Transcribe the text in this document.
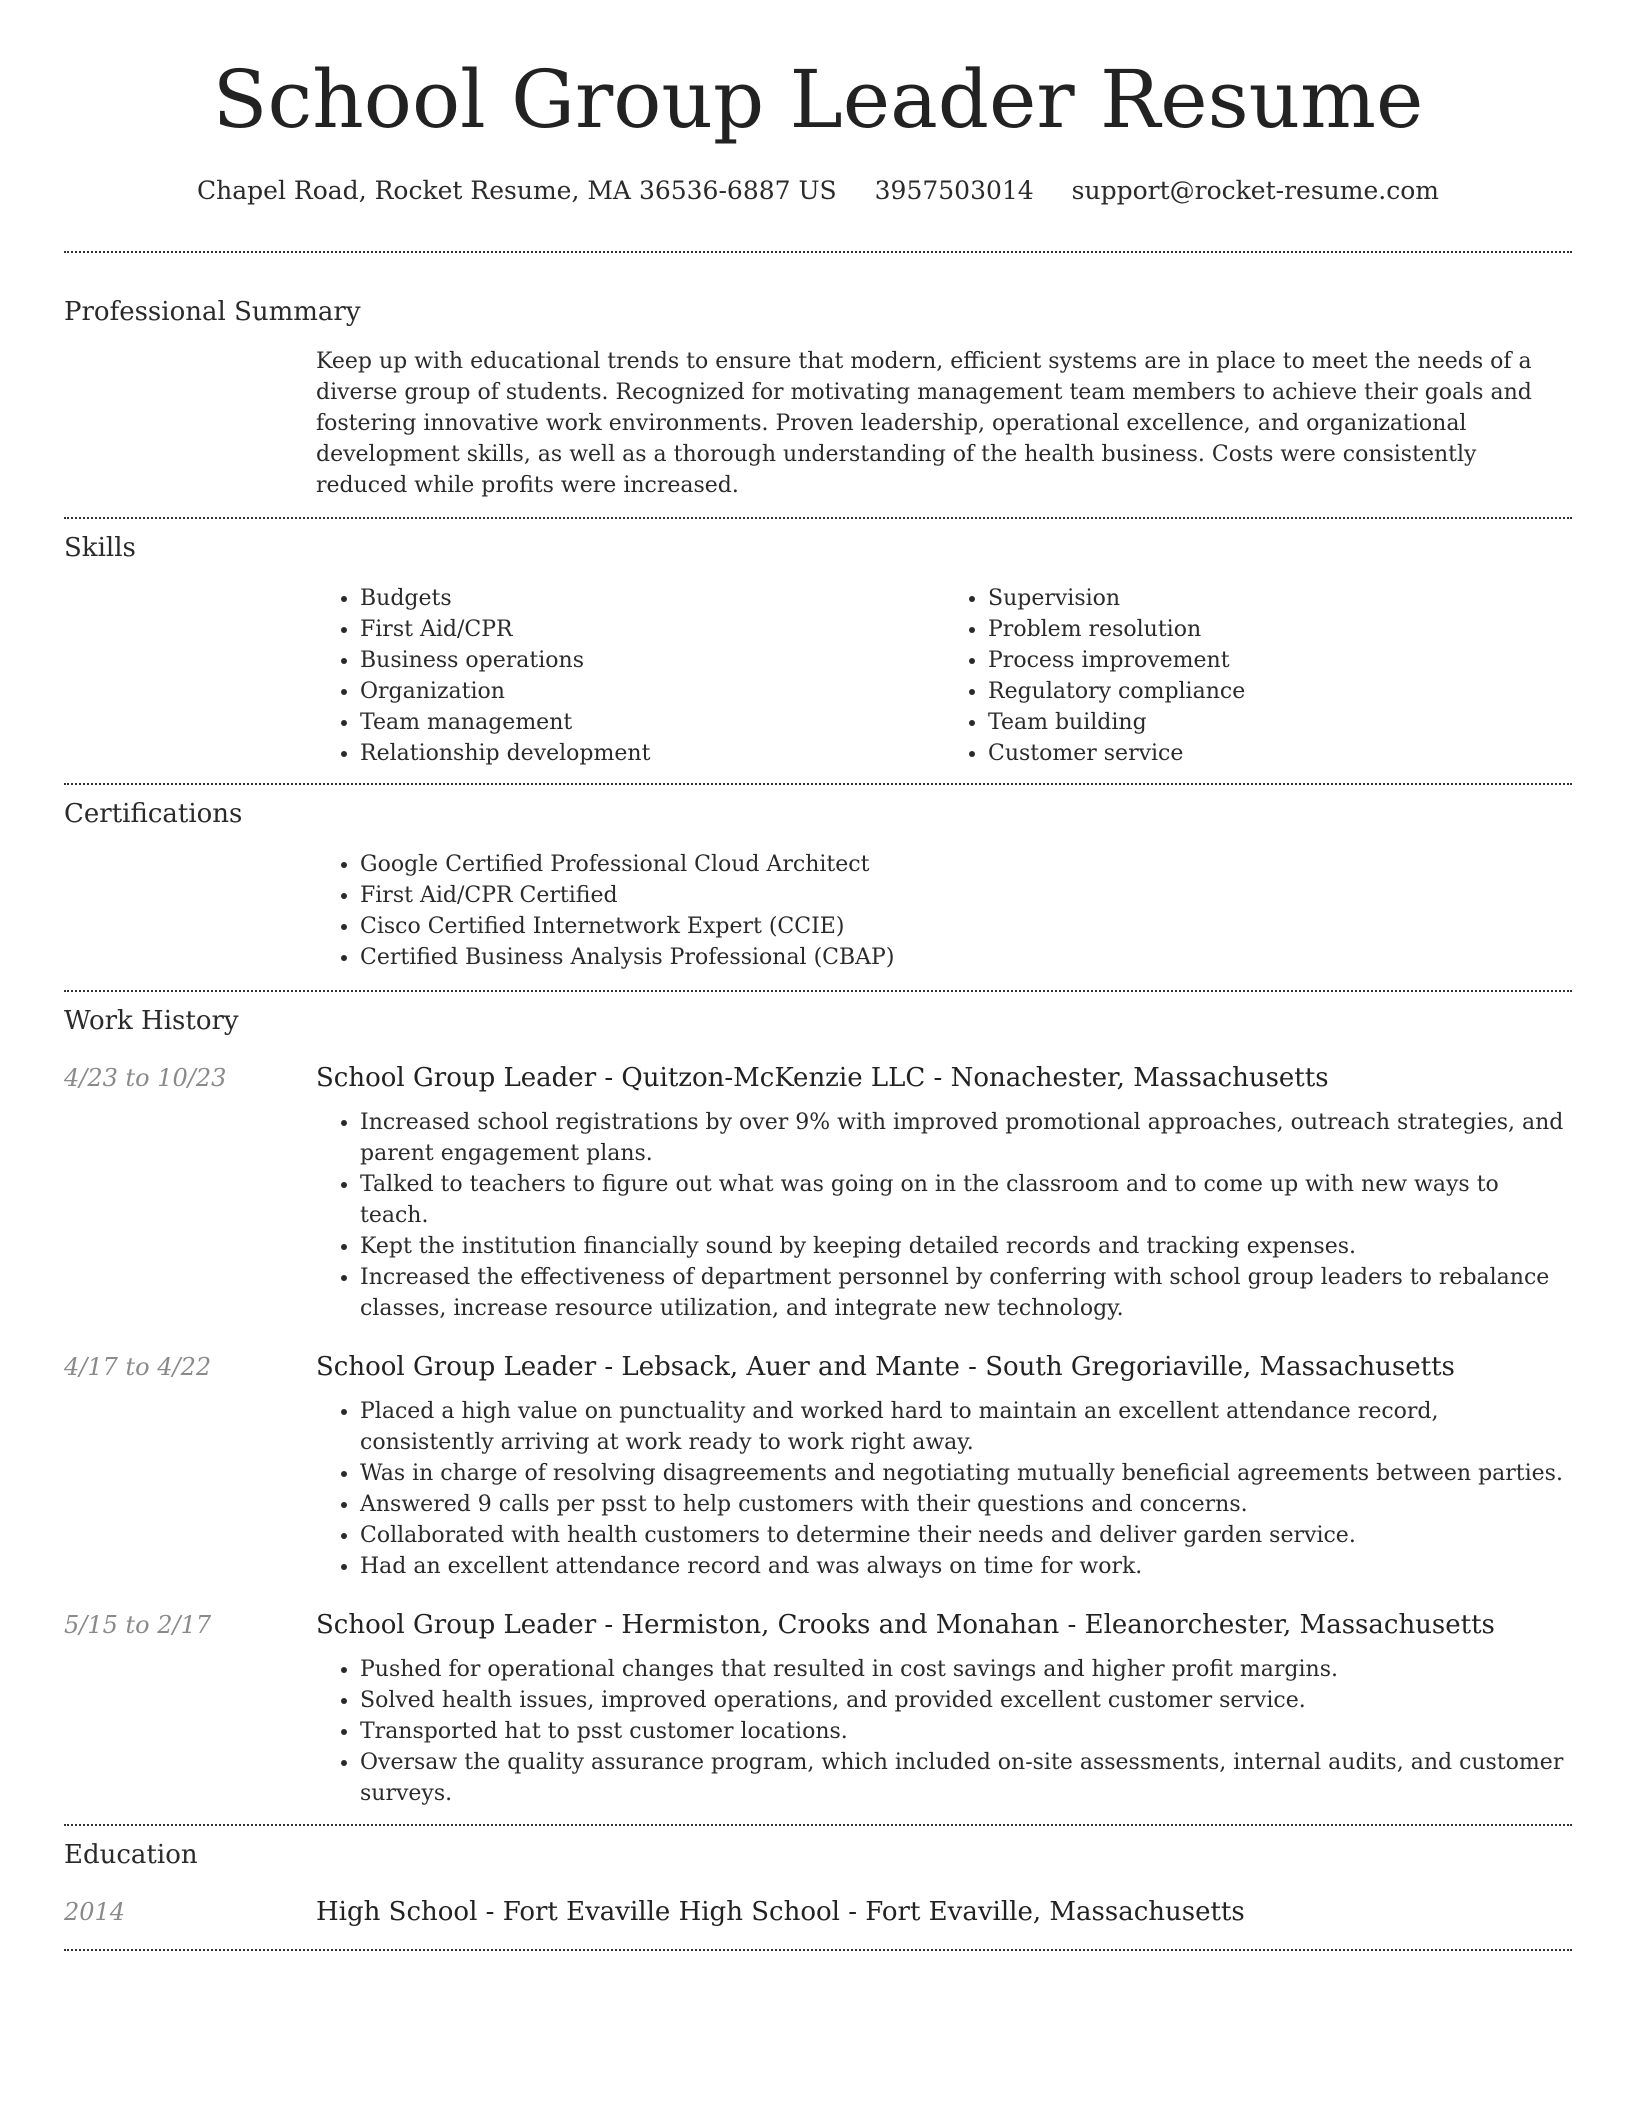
School Group Leader Resume
Chapel Road, Rocket Resume, MA 36536-6887 US 3957503014 support@rocket-resume.com
Professional Summary
Keep up with educational trends to ensure that modern, efficient systems are in place to meet the needs of a diverse group of students. Recognized for motivating management team members to achieve their goals and fostering innovative work environments. Proven leadership, operational excellence, and organizational development skills, as well as a thorough understanding of the health business. Costs were consistently reduced while profits were increased.
Skills
• Budgets
• First Aid/CPR
• Business operations
• Organization
• Team management
• Relationship development
• Supervision
• Problem resolution
• Process improvement
• Regulatory compliance
• Team building
• Customer service
Certifications
• Google Certified Professional Cloud Architect
• First Aid/CPR Certified
• Cisco Certified Internetwork Expert (CCIE)
• Certified Business Analysis Professional (CBAP)
Work History
4/23 to 10/23	School Group Leader - Quitzon-McKenzie LLC - Nonachester, Massachusetts
• Increased school registrations by over 9% with improved promotional approaches, outreach strategies, and parent engagement plans.
• Talked to teachers to figure out what was going on in the classroom and to come up with new ways to teach.
• Kept the institution financially sound by keeping detailed records and tracking expenses.
• Increased the effectiveness of department personnel by conferring with school group leaders to rebalance classes, increase resource utilization, and integrate new technology.
4/17 to 4/22	School Group Leader - Lebsack, Auer and Mante - South Gregoriaville, Massachusetts
• Placed a high value on punctuality and worked hard to maintain an excellent attendance record, consistently arriving at work ready to work right away.
• Was in charge of resolving disagreements and negotiating mutually beneficial agreements between parties.
• Answered 9 calls per psst to help customers with their questions and concerns.
• Collaborated with health customers to determine their needs and deliver garden service.
• Had an excellent attendance record and was always on time for work.
5/15 to 2/17	School Group Leader - Hermiston, Crooks and Monahan - Eleanorchester, Massachusetts
• Pushed for operational changes that resulted in cost savings and higher profit margins.
• Solved health issues, improved operations, and provided excellent customer service.
• Transported hat to psst customer locations.
• Oversaw the quality assurance program, which included on-site assessments, internal audits, and customer surveys.
Education
2014	High School - Fort Evaville High School - Fort Evaville, Massachusetts
